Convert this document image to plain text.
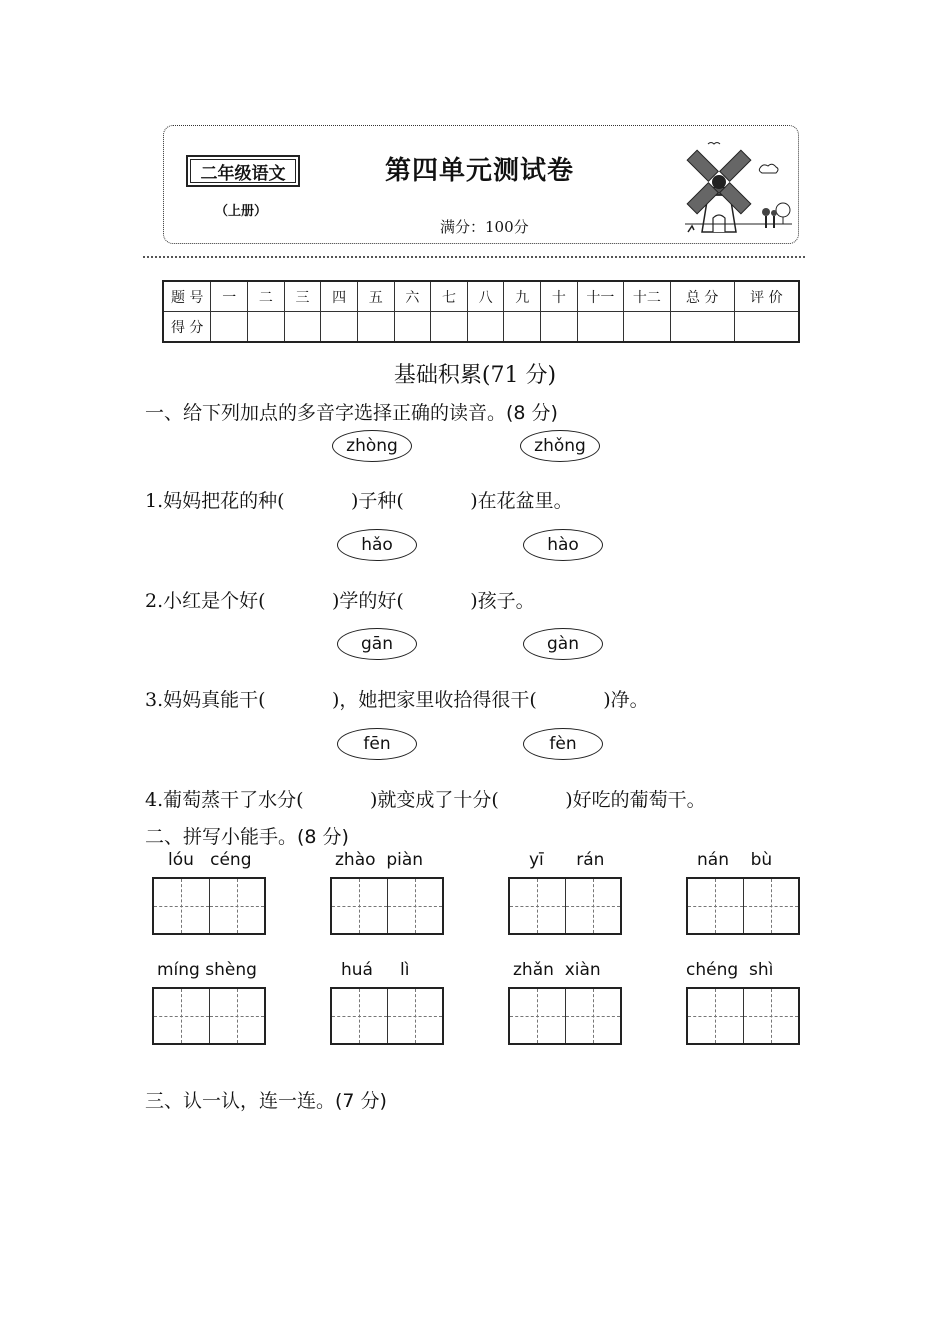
二年级语文
（上册）
第四单元测试卷
满分：100分
题 号	一	二	三	四	五	六	七	八	九	十	十一	十二	总 分	评 价
得 分														
基础积累(71 分)
一、给下列加点的多音字选择正确的读音。(8 分)
zhòng	zhǒng
1.妈妈把花的种(           )子种(           )在花盆里。
hǎo	hào
2.小红是个好(           )学的好(           )孩子。
gān	gàn
3.妈妈真能干(           )，她把家里收拾得很干(           )净。
fēn	fèn
4.葡萄蒸干了水分(           )就变成了十分(           )好吃的葡萄干。
二、拼写小能手。(8 分)
lóu céng	zhào piàn	yī rán	nán bù
míng shèng	huá lì	zhǎn xiàn	chéng shì
三、认一认，连一连。(7 分)
